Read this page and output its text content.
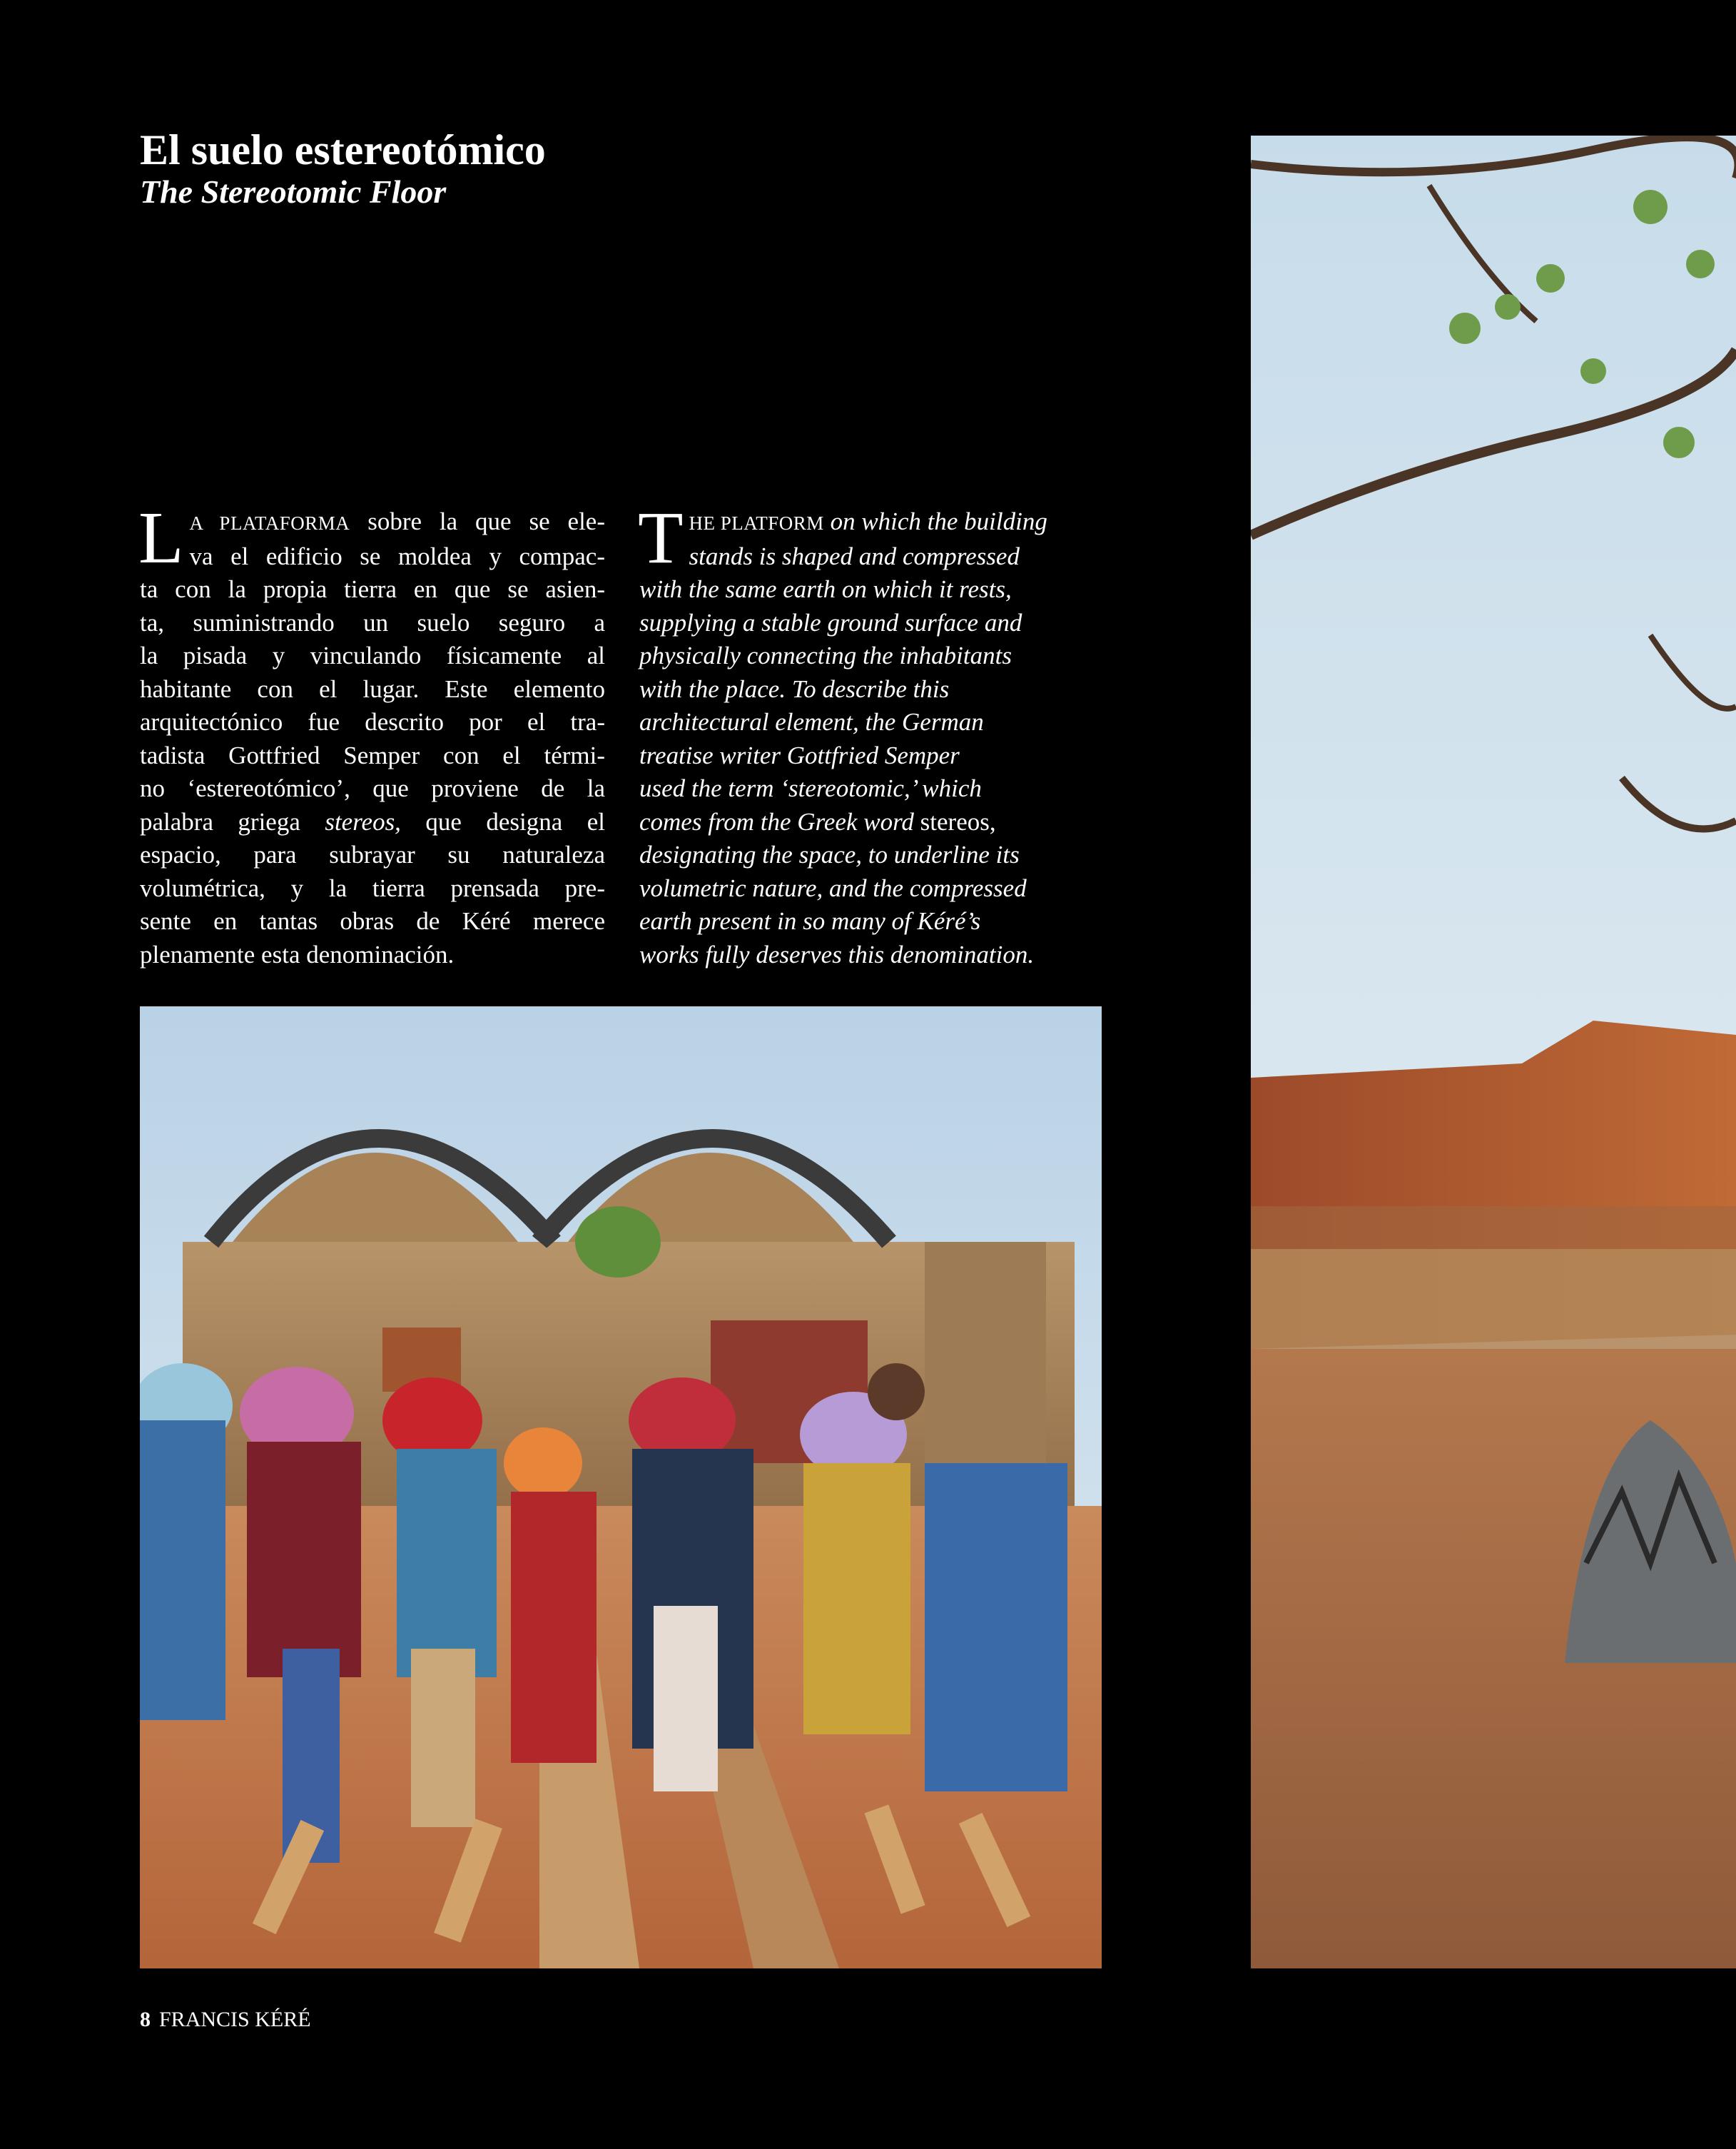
El suelo estereotómico
The Stereotomic Floor
L A PLATAFORMA sobre la que se ele-
va el edificio se moldea y compac-
ta con la propia tierra en que se asien-
ta, suministrando un suelo seguro a
la pisada y vinculando físicamente al
habitante con el lugar. Este elemento
arquitectónico fue descrito por el tra-
tadista Gottfried Semper con el térmi-
no ‘estereotómico’, que proviene de la
palabra griega stereos, que designa el
espacio, para subrayar su naturaleza
volumétrica, y la tierra prensada pre-
sente en tantas obras de Kéré merece
plenamente esta denominación.
T HE PLATFORM on which the building
stands is shaped and compressed
with the same earth on which it rests,
supplying a stable ground surface and
physically connecting the inhabitants
with the place. To describe this
architectural element, the German
treatise writer Gottfried Semper
used the term ‘stereotomic,’ which
comes from the Greek word stereos,
designating the space, to underline its
volumetric nature, and the compressed
earth present in so many of Kéré’s
works fully deserves this denomination.
8 FRANCIS KÉRÉ
